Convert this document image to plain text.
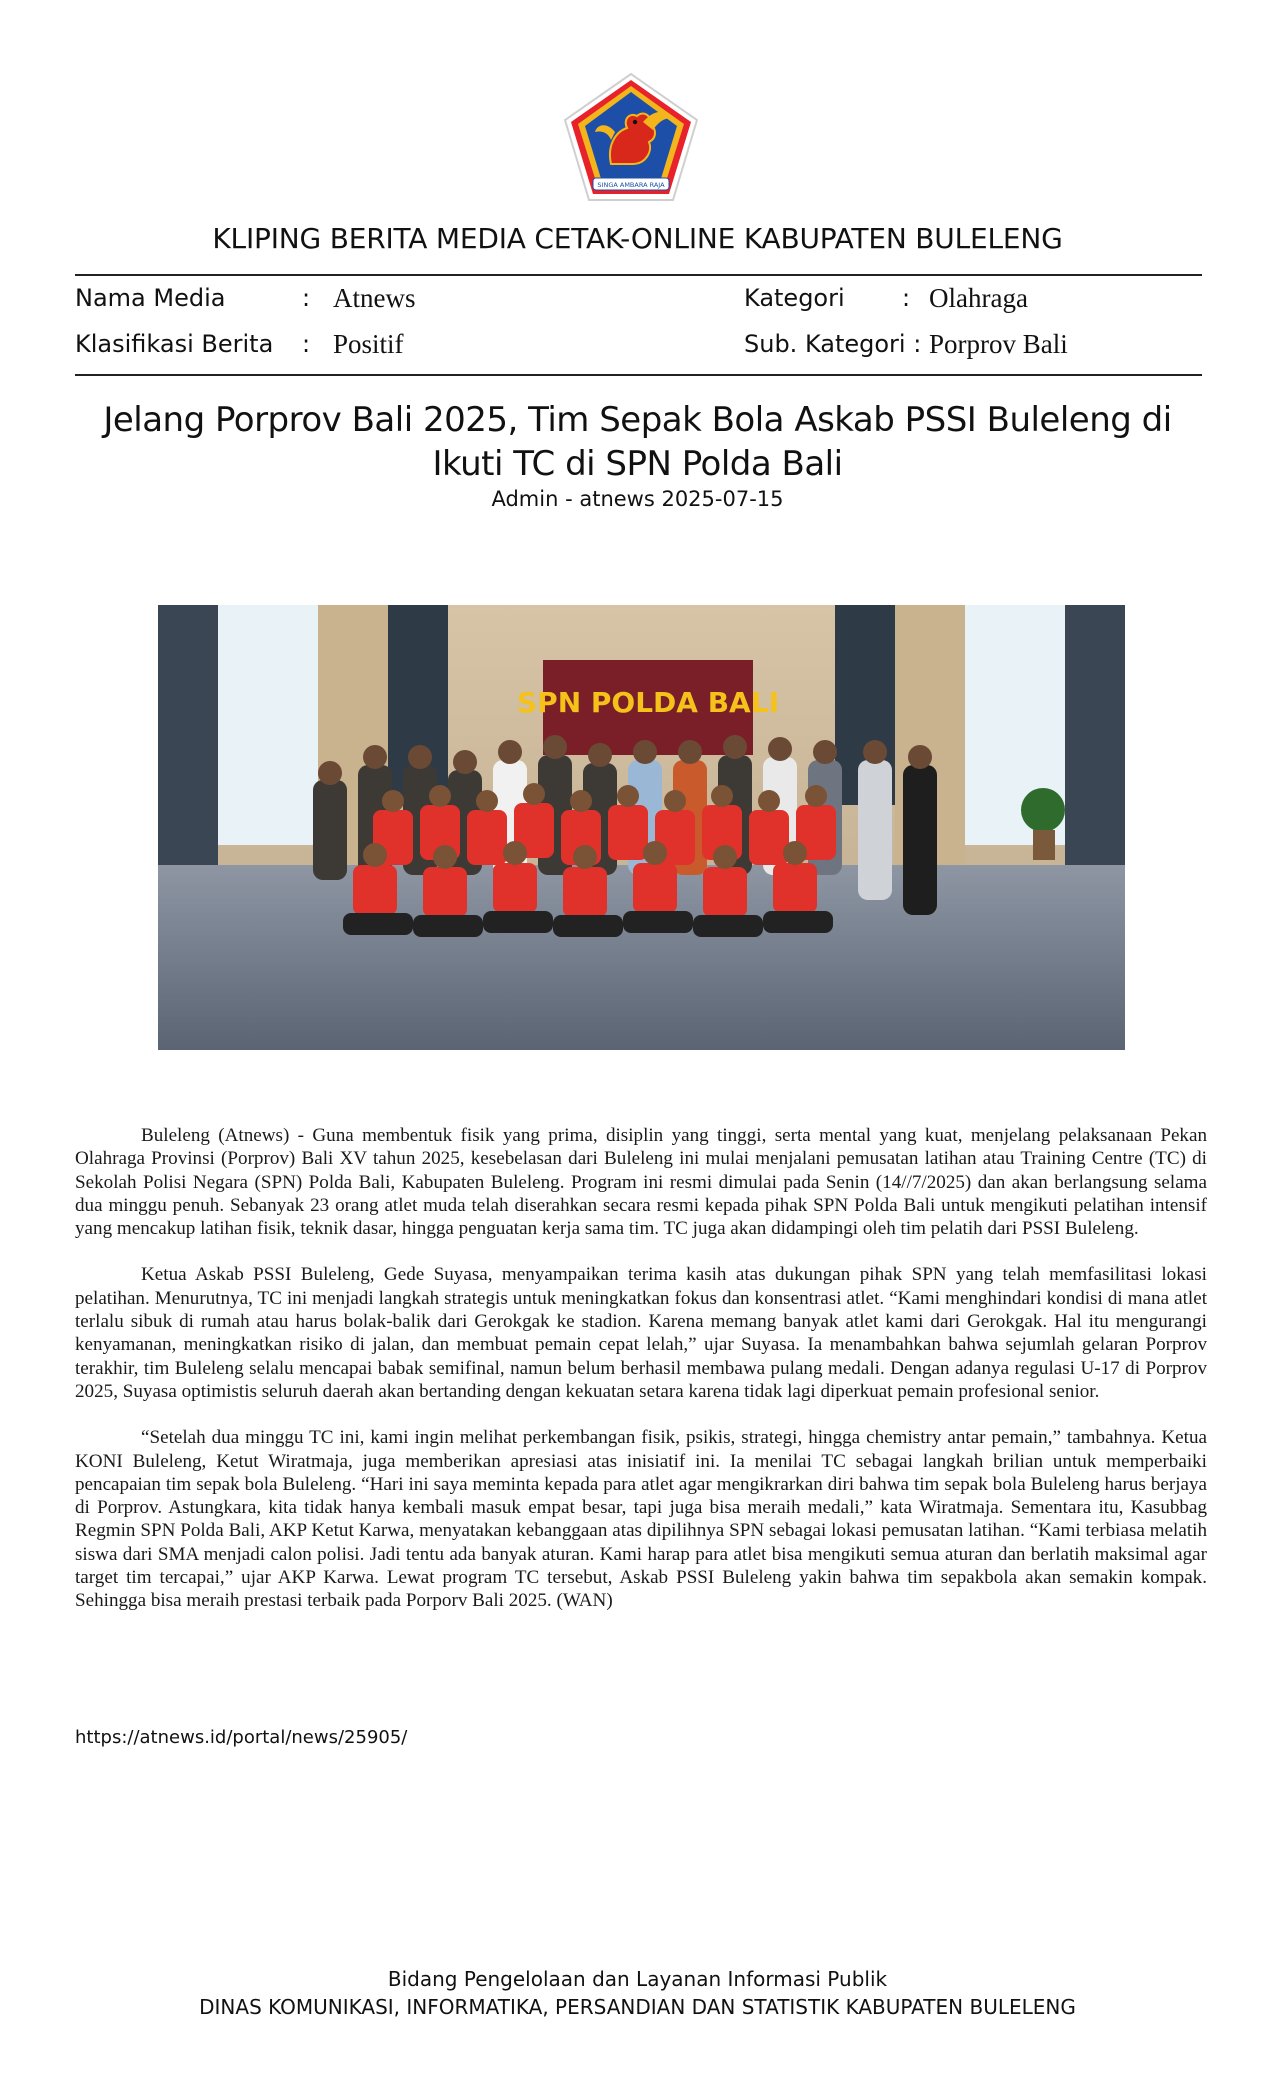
SINGA AMBARA RAJA
KLIPING BERITA MEDIA CETAK-ONLINE KABUPATEN BULELENG
Nama Media	: Atnews	Kategori : Olahraga
Klasifikasi Berita : Positif	Sub. Kategori : Porprov Bali
Jelang Porprov Bali 2025, Tim Sepak Bola Askab PSSI Buleleng di Ikuti TC di SPN Polda Bali
Admin - atnews 2025-07-15
SPN POLDA BALI

Buleleng (Atnews) - Guna membentuk fisik yang prima, disiplin yang tinggi, serta mental yang kuat, menjelang pelaksanaan Pekan Olahraga Provinsi (Porprov) Bali XV tahun 2025, kesebelasan dari Buleleng ini mulai menjalani pemusatan latihan atau Training Centre (TC) di Sekolah Polisi Negara (SPN) Polda Bali, Kabupaten Buleleng. Program ini resmi dimulai pada Senin (14//7/2025) dan akan berlangsung selama dua minggu penuh. Sebanyak 23 orang atlet muda telah diserahkan secara resmi kepada pihak SPN Polda Bali untuk mengikuti pelatihan intensif yang mencakup latihan fisik, teknik dasar, hingga penguatan kerja sama tim. TC juga akan didampingi oleh tim pelatih dari PSSI Buleleng.

Ketua Askab PSSI Buleleng, Gede Suyasa, menyampaikan terima kasih atas dukungan pihak SPN yang telah memfasilitasi lokasi pelatihan. Menurutnya, TC ini menjadi langkah strategis untuk meningkatkan fokus dan konsentrasi atlet. “Kami menghindari kondisi di mana atlet terlalu sibuk di rumah atau harus bolak-balik dari Gerokgak ke stadion. Karena memang banyak atlet kami dari Gerokgak. Hal itu mengurangi kenyamanan, meningkatkan risiko di jalan, dan membuat pemain cepat lelah,” ujar Suyasa. Ia menambahkan bahwa sejumlah gelaran Porprov terakhir, tim Buleleng selalu mencapai babak semifinal, namun belum berhasil membawa pulang medali. Dengan adanya regulasi U-17 di Porprov 2025, Suyasa optimistis seluruh daerah akan bertanding dengan kekuatan setara karena tidak lagi diperkuat pemain profesional senior.

“Setelah dua minggu TC ini, kami ingin melihat perkembangan fisik, psikis, strategi, hingga chemistry antar pemain,” tambahnya. Ketua KONI Buleleng, Ketut Wiratmaja, juga memberikan apresiasi atas inisiatif ini. Ia menilai TC sebagai langkah brilian untuk memperbaiki pencapaian tim sepak bola Buleleng. “Hari ini saya meminta kepada para atlet agar mengikrarkan diri bahwa tim sepak bola Buleleng harus berjaya di Porprov. Astungkara, kita tidak hanya kembali masuk empat besar, tapi juga bisa meraih medali,” kata Wiratmaja. Sementara itu, Kasubbag Regmin SPN Polda Bali, AKP Ketut Karwa, menyatakan kebanggaan atas dipilihnya SPN sebagai lokasi pemusatan latihan. “Kami terbiasa melatih siswa dari SMA menjadi calon polisi. Jadi tentu ada banyak aturan. Kami harap para atlet bisa mengikuti semua aturan dan berlatih maksimal agar target tim tercapai,” ujar AKP Karwa. Lewat program TC tersebut, Askab PSSI Buleleng yakin bahwa tim sepakbola akan semakin kompak. Sehingga bisa meraih prestasi terbaik pada Porporv Bali 2025. (WAN)

https://atnews.id/portal/news/25905/
Bidang Pengelolaan dan Layanan Informasi Publik
DINAS KOMUNIKASI, INFORMATIKA, PERSANDIAN DAN STATISTIK KABUPATEN BULELENG
